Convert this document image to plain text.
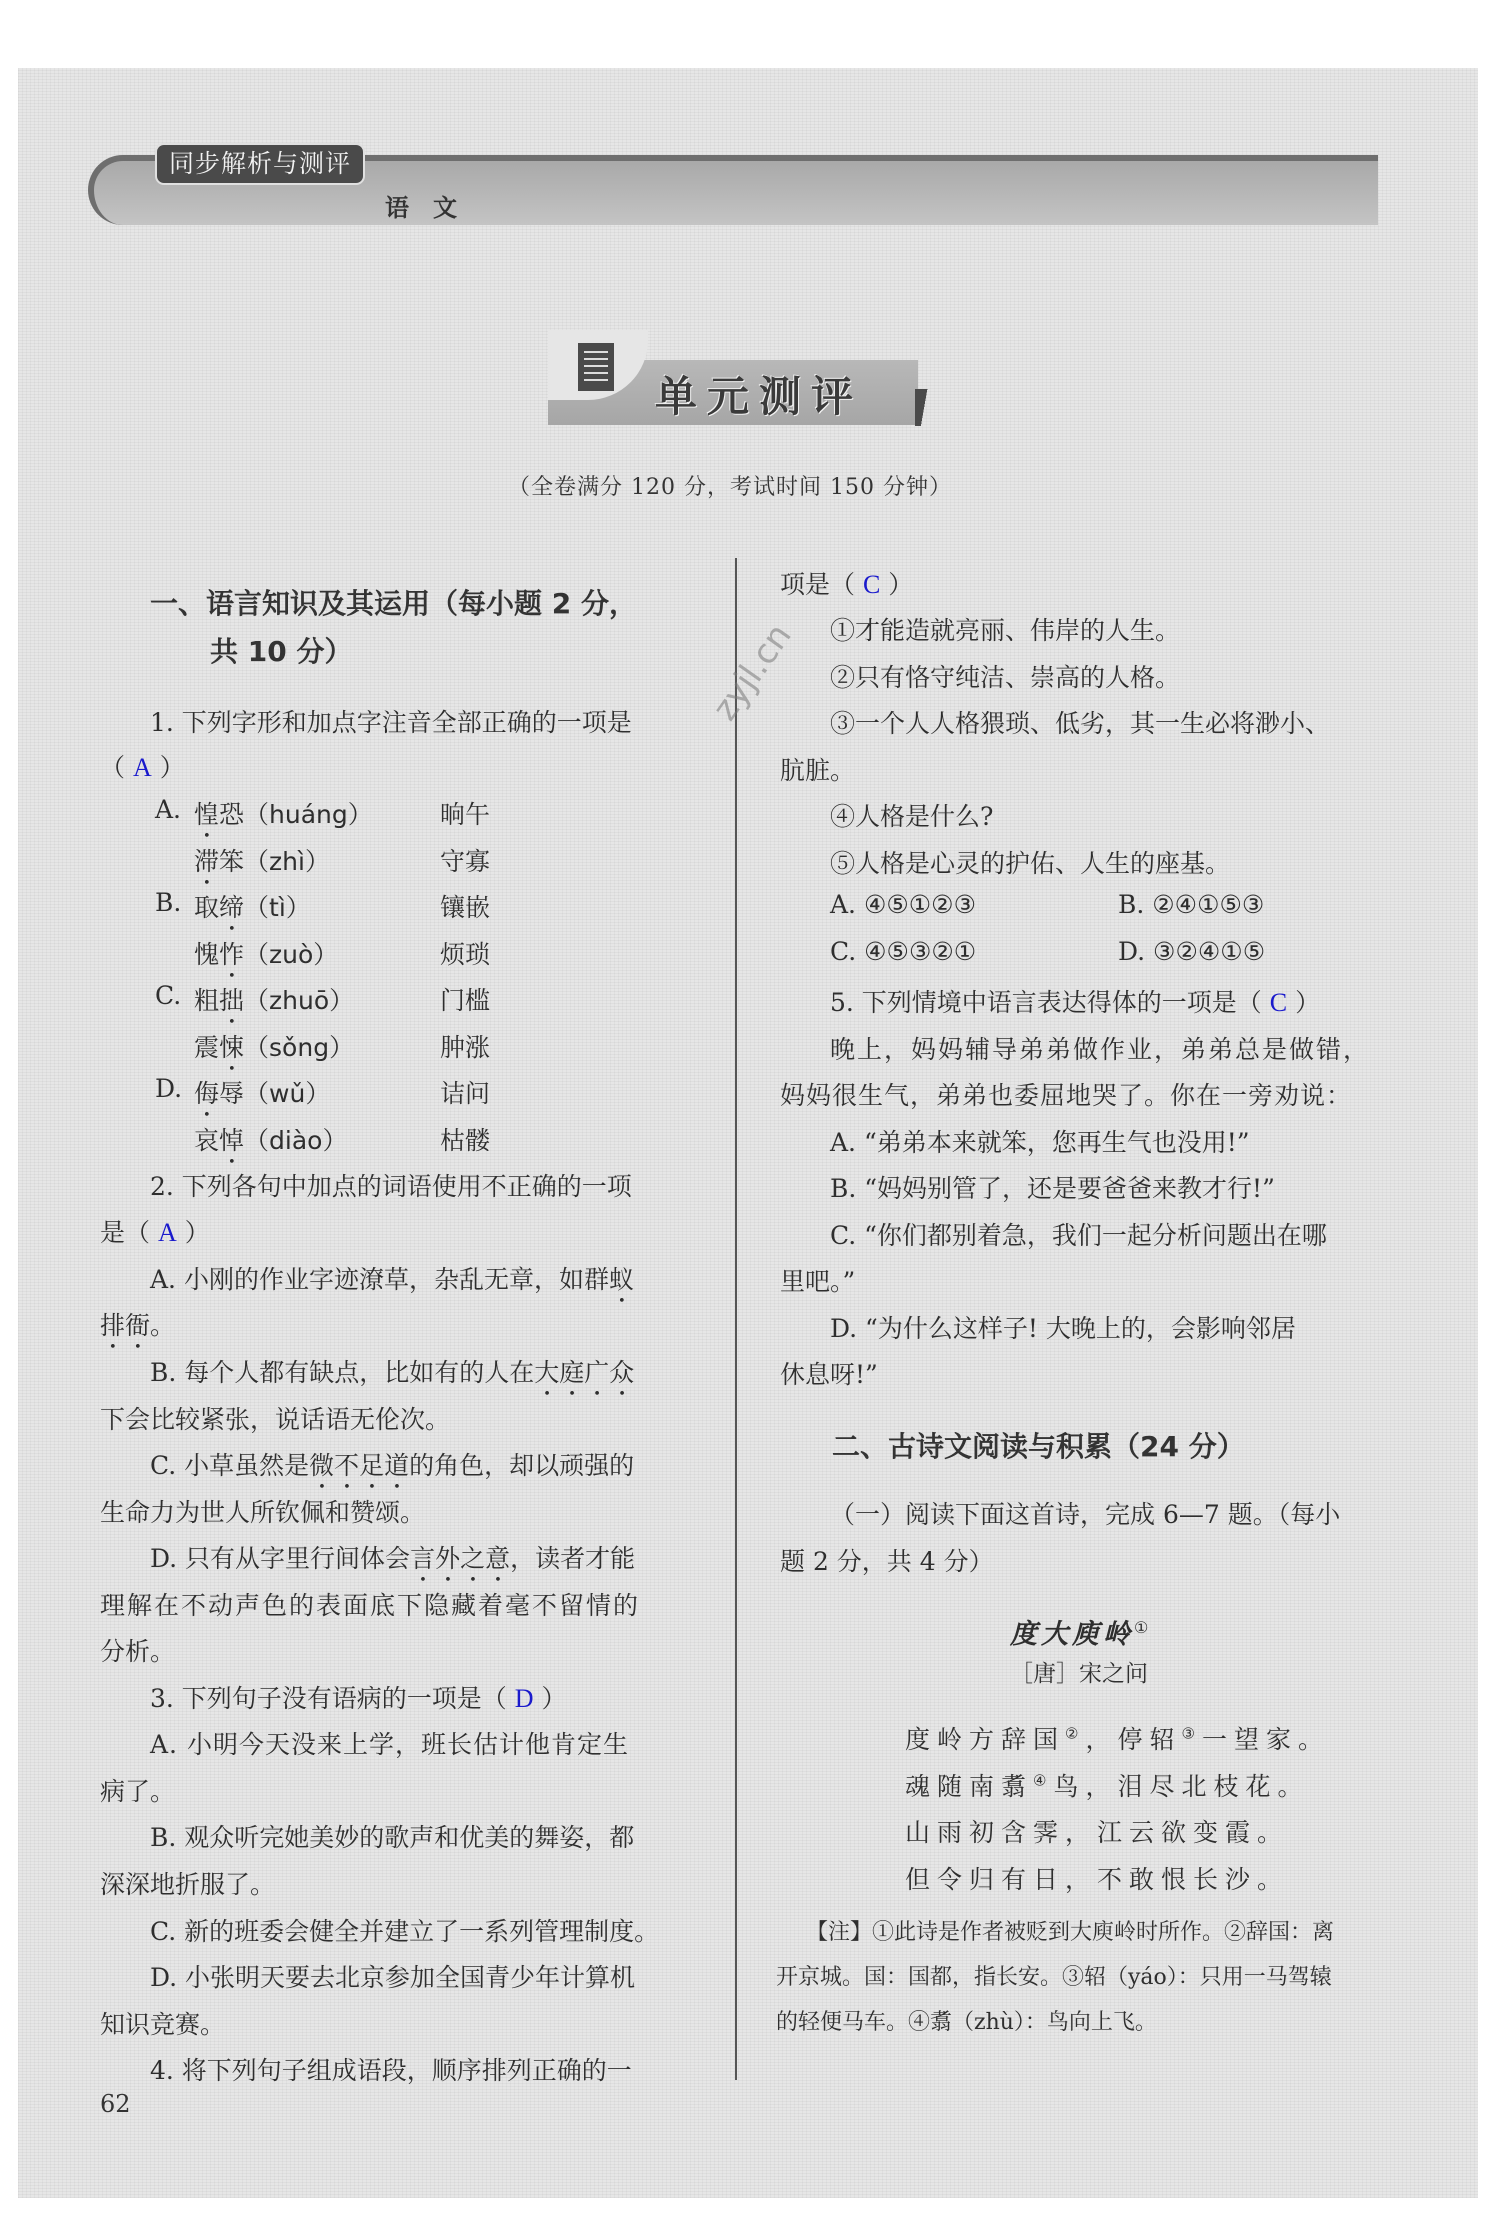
同步解析与测评
语文
单元测评
（全卷满分 120 分，考试时间 150 分钟）
一、语言知识及其运用（每小题 2 分，
共 10 分）
1. 下列字形和加点字注音全部正确的一项是
（ A ）
A. 惶恐（huáng）	晌午
滞笨（zhì）	守寡
B. 取缔（tì）	镶嵌
愧怍（zuò）	烦琐
C. 粗拙（zhuō）	门槛
震悚（sǒng）	肿涨
D. 侮辱（wǔ）	诘问
哀悼（diào）	枯髅
2. 下列各句中加点的词语使用不正确的一项
是（ A ）
A. 小刚的作业字迹潦草，杂乱无章，如群蚁
排衙。
B. 每个人都有缺点，比如有的人在大庭广众
下会比较紧张，说话语无伦次。
C. 小草虽然是微不足道的角色，却以顽强的
生命力为世人所钦佩和赞颂。
D. 只有从字里行间体会言外之意，读者才能
理解在不动声色的表面底下隐藏着毫不留情的
分析。
3. 下列句子没有语病的一项是（ D ）
A. 小明今天没来上学，班长估计他肯定生
病了。
B. 观众听完她美妙的歌声和优美的舞姿，都
深深地折服了。
C. 新的班委会健全并建立了一系列管理制度。
D. 小张明天要去北京参加全国青少年计算机
知识竞赛。
4. 将下列句子组成语段，顺序排列正确的一
62
项是（ C ）
①才能造就亮丽、伟岸的人生。
②只有恪守纯洁、崇高的人格。
③一个人人格猥琐、低劣，其一生必将渺小、
肮脏。
④人格是什么?
⑤人格是心灵的护佑、人生的座基。
A. ④⑤①②③	B. ②④①⑤③
C. ④⑤③②①	D. ③②④①⑤
5. 下列情境中语言表达得体的一项是（ C ）
晚上，妈妈辅导弟弟做作业，弟弟总是做错，
妈妈很生气，弟弟也委屈地哭了。你在一旁劝说：
A. “弟弟本来就笨，您再生气也没用!”
B. “妈妈别管了，还是要爸爸来教才行!”
C. “你们都别着急，我们一起分析问题出在哪
里吧。”
D. “为什么这样子! 大晚上的，会影响邻居
休息呀!”
二、古诗文阅读与积累（24 分）
（一）阅读下面这首诗，完成 6—7 题。（每小
题 2 分，共 4 分）
度大庾岭①
［唐］宋之问
度岭方辞国②，停轺③一望家。
魂随南翥④鸟，泪尽北枝花。
山雨初含霁，江云欲变霞。
但令归有日，不敢恨长沙。
【注】①此诗是作者被贬到大庾岭时所作。②辞国：离
开京城。国：国都，指长安。③轺（yáo）：只用一马驾辕
的轻便马车。④翥（zhù）：鸟向上飞。
zyjl.cn
